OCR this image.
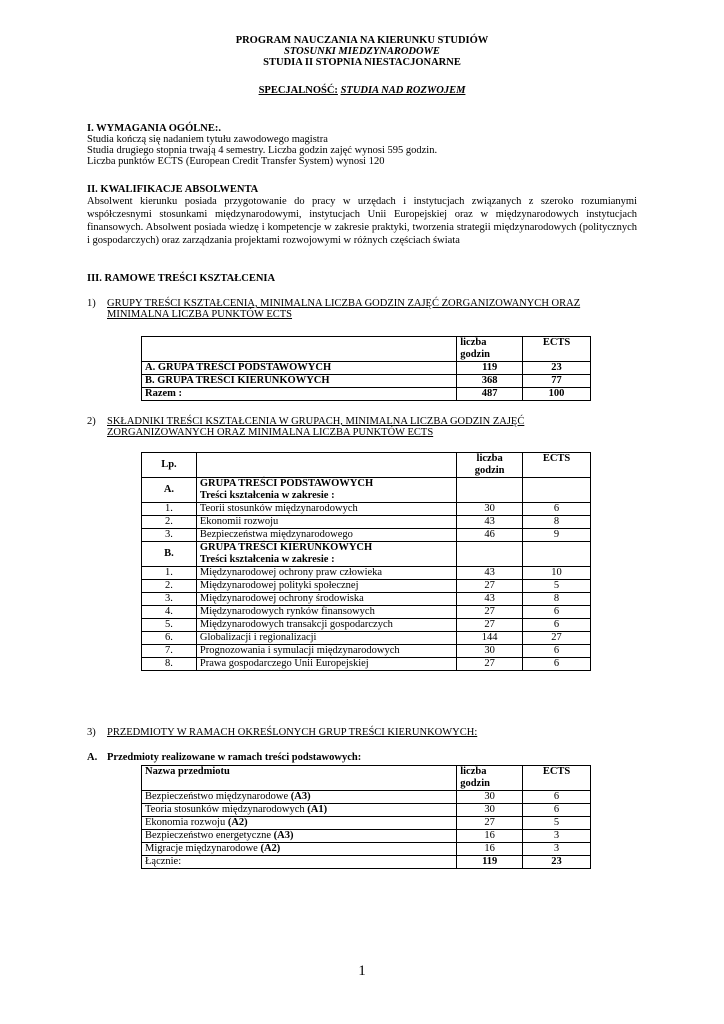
PROGRAM NAUCZANIA NA KIERUNKU STUDIÓW

STOSUNKI MIEDZYNARODOWE

STUDIA II STOPNIA NIESTACJONARNE

SPECJALNOŚĆ: STUDIA NAD ROZWOJEM

I. WYMAGANIA OGÓLNE:.

Studia kończą się nadaniem tytułu zawodowego magistra

Studia drugiego stopnia trwają 4 semestry. Liczba godzin zajęć wynosi 595 godzin.

Liczba punktów ECTS (European Credit Transfer System) wynosi 120

II. KWALIFIKACJE ABSOLWENTA

Absolwent kierunku posiada przygotowanie do pracy w urzędach i instytucjach związanych z szeroko rozumianymi współczesnymi stosunkami międzynarodowymi, instytucjach Unii Europejskiej oraz w międzynarodowych instytucjach finansowych. Absolwent posiada wiedzę i kompetencje w zakresie praktyki, tworzenia strategii międzynarodowych (politycznych i gospodarczych) oraz zarządzania projektami rozwojowymi w różnych częściach świata

III. RAMOWE TREŚCI KSZTAŁCENIA

1) GRUPY TREŚCI KSZTAŁCENIA, MINIMALNA LICZBA GODZIN ZAJĘĆ ZORGANIZOWANYCH ORAZ

MINIMALNA LICZBA PUNKTÓW ECTS

	liczba
godzin	ECTS
A. GRUPA TREŚCI PODSTAWOWYCH	119	23
B. GRUPA TREŚCI KIERUNKOWYCH	368	77
Razem :	487	100
2) SKŁADNIKI TREŚCI KSZTAŁCENIA W GRUPACH, MINIMALNA LICZBA GODZIN ZAJĘĆ

ZORGANIZOWANYCH ORAZ MINIMALNA LICZBA PUNKTÓW ECTS

Lp.		liczba
godzin	ECTS
A.	GRUPA TREŚCI PODSTAWOWYCH
Treści kształcenia w zakresie :		

1.	Teorii stosunków międzynarodowych	30	6
2.	Ekonomii rozwoju	43	8
3.	Bezpieczeństwa międzynarodowego	46	9
B.	GRUPA TREŚCI KIERUNKOWYCH
Treści kształcenia w zakresie :		

1.	Międzynarodowej ochrony praw człowieka	43	10
2.	Międzynarodowej polityki społecznej	27	5
3.	Międzynarodowej ochrony środowiska	43	8
4.	Międzynarodowych rynków finansowych	27	6
5.	Międzynarodowych transakcji gospodarczych	27	6
6.	Globalizacji i regionalizacji	144	27
7.	Prognozowania i symulacji międzynarodowych	30	6
8.	Prawa gospodarczego Unii Europejskiej	27	6
3) PRZEDMIOTY W RAMACH OKREŚLONYCH GRUP TREŚCI KIERUNKOWYCH:

A. Przedmioty realizowane w ramach treści podstawowych:
Nazwa przedmiotu	liczba
godzin	ECTS
Bezpieczeństwo międzynarodowe (A3)	30	6
Teoria stosunków międzynarodowych (A1)	30	6
Ekonomia rozwoju (A2)	27	5
Bezpieczeństwo energetyczne (A3)	16	3
Migracje międzynarodowe (A2)	16	3
Łącznie:	119	23
1
